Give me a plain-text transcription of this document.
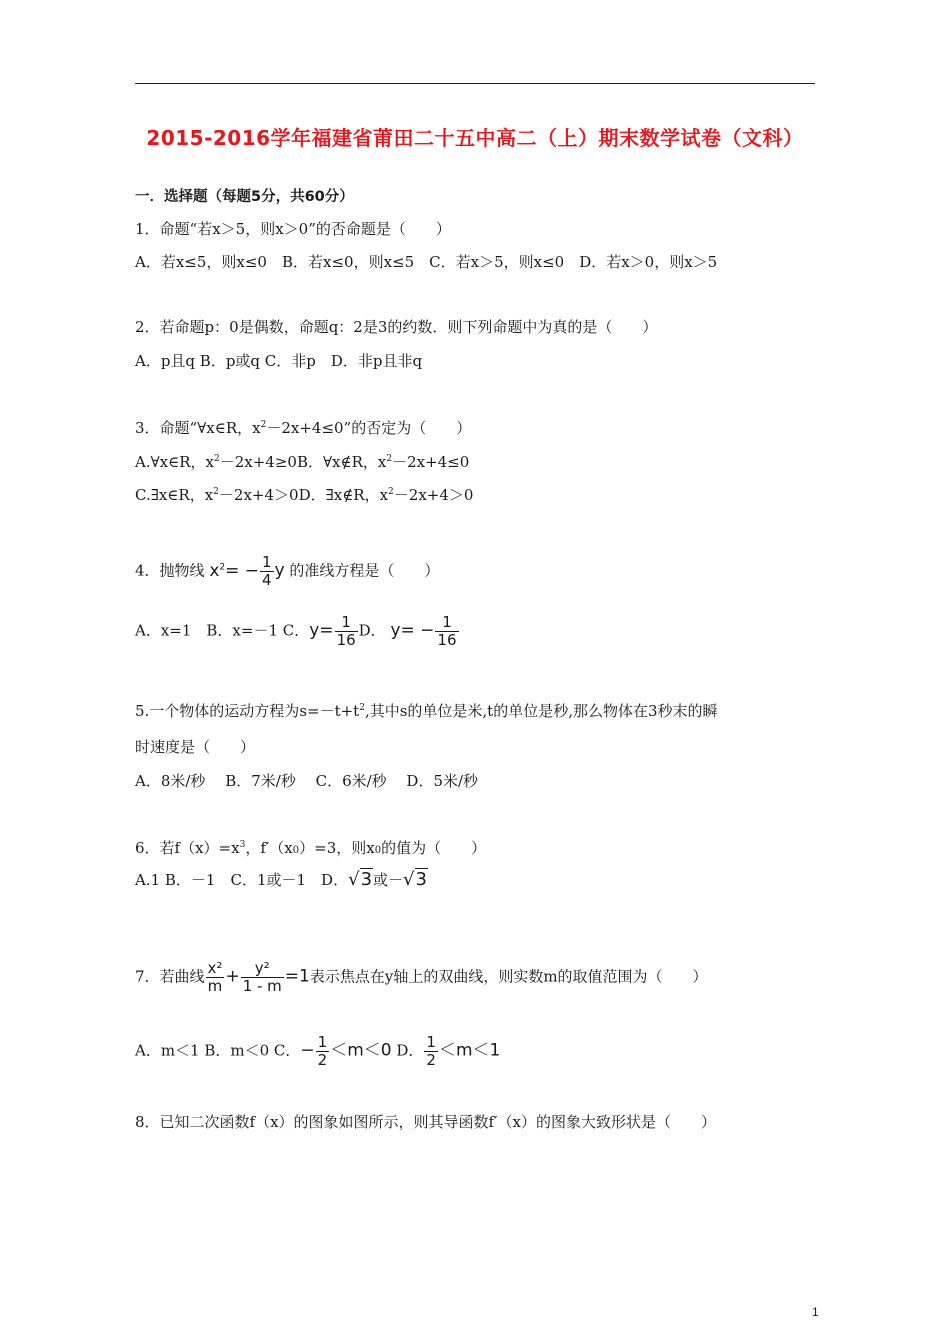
2015-2016学年福建省莆田二十五中高二（上）期末数学试卷（文科）
一．选择题（每题5分，共60分）
1．命题“若x＞5，则x＞0”的否命题是（　　）
A．若x≤5，则x≤0　B．若x≤0，则x≤5　C．若x＞5，则x≤0　D．若x＞0，则x＞5
2．若命题p：0是偶数，命题q：2是3的约数．则下列命题中为真的是（　　）
A．p且q B．p或q C．非p　D．非p且非q
3．命题“∀x∈R，$x^2-2x+4\le 0$”的否定为（　　）
A.∀x∈R，$x^2-2x+4\ge 0B$．∀x∉R，$x^2-2x+4\le 0$
C.∃x∈R，$x^2-2x+4>0D$．∃x∉R，$x^2-2x+4>0$
4．抛物线 $x^2= - \frac{1}{4}$ y 的准线方程是（　　）
A．x=1　B．x=－1 C．$y= \frac{1}{16}$ D． $y= - \frac{1}{16}$
5.一个物体的运动方程为$s=-t+t^2$,其中s的单位是米,t的单位是秒,那么物体在3秒末的瞬
时速度是（　　）
A．8米/秒　 B．7米/秒　 C．6米/秒　 D．5米/秒
6．若$f(x)=x^3$，f′（x0）=3，则x0的值为（　　）
A.1 B．－1　C．1或－1　D．√3或－√3
7．若曲线 $\frac{\text{x²}}{m} + \frac{\text{y²}}{1 - m} =1$表示焦点在y轴上的双曲线，则实数m的取值范围为（　　）
A．m＜1 B．m＜0 C．− $\frac{1}{2} <m<0$ D． $\frac{1}{2} <m<1$
8．已知二次函数f（x）的图象如图所示，则其导函数f′（x）的图象大致形状是（　　）
1
